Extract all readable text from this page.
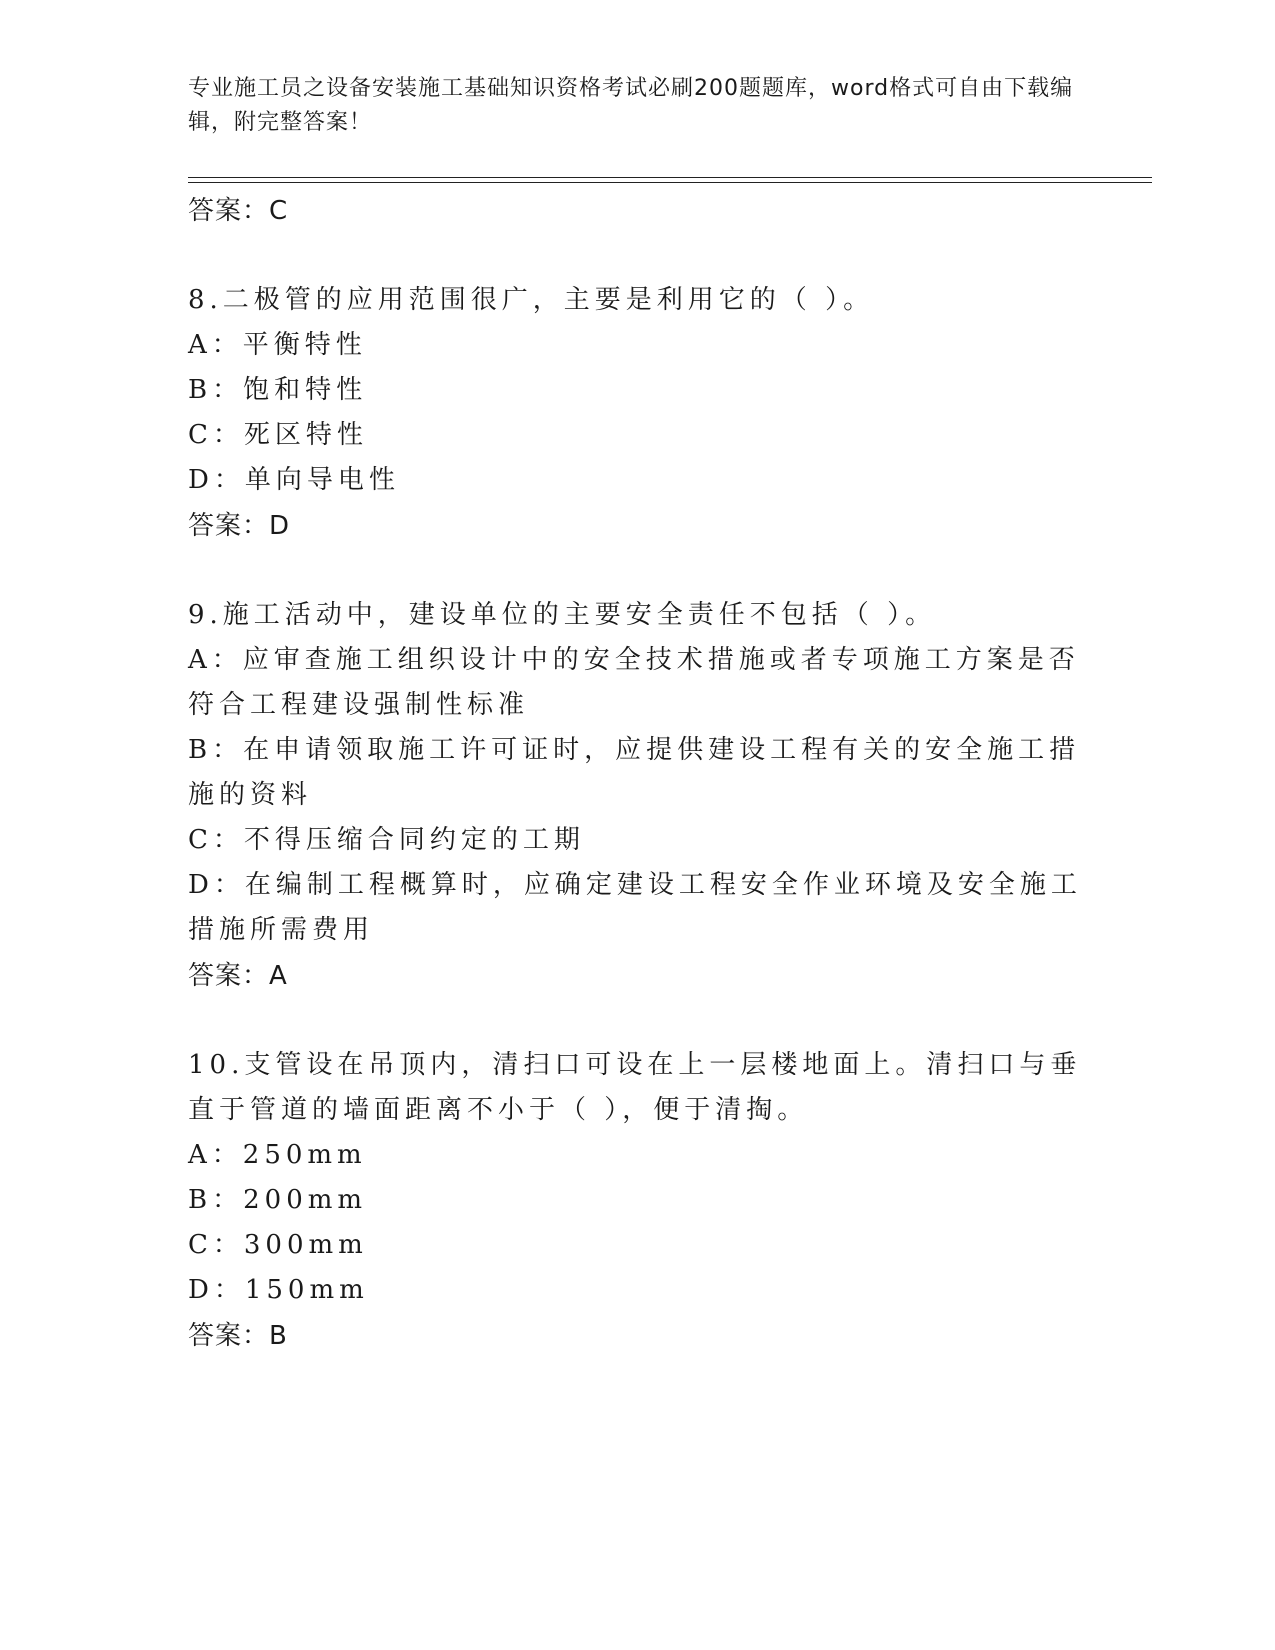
专业施工员之设备安装施工基础知识资格考试必刷200题题库，word格式可自由下载编辑，附完整答案！

答案：C

8.二极管的应用范围很广，主要是利用它的（ ）。

A：平衡特性

B：饱和特性

C：死区特性

D：单向导电性

答案：D

9.施工活动中，建设单位的主要安全责任不包括（ ）。

A：应审查施工组织设计中的安全技术措施或者专项施工方案是否符合工程建设强制性标准

B：在申请领取施工许可证时，应提供建设工程有关的安全施工措施的资料

C：不得压缩合同约定的工期

D：在编制工程概算时，应确定建设工程安全作业环境及安全施工措施所需费用

答案：A

10.支管设在吊顶内，清扫口可设在上一层楼地面上。清扫口与垂直于管道的墙面距离不小于（ ），便于清掏。

A：250mm

B：200mm

C：300mm

D：150mm

答案：B
